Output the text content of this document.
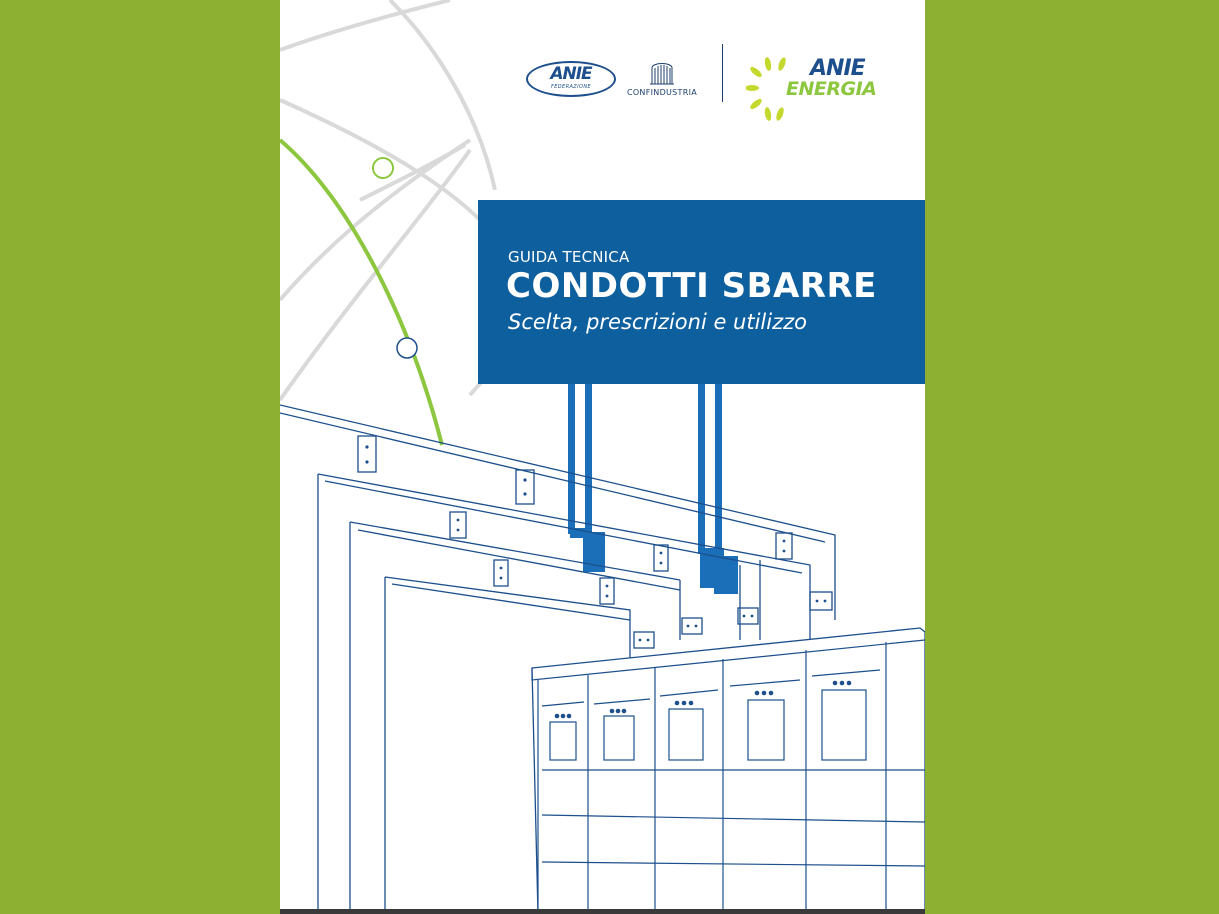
ANIE
FEDERAZIONE
CONFINDUSTRIA
ANIE
ENERGIA
GUIDA TECNICA
CONDOTTI SBARRE
Scelta, prescrizioni e utilizzo
